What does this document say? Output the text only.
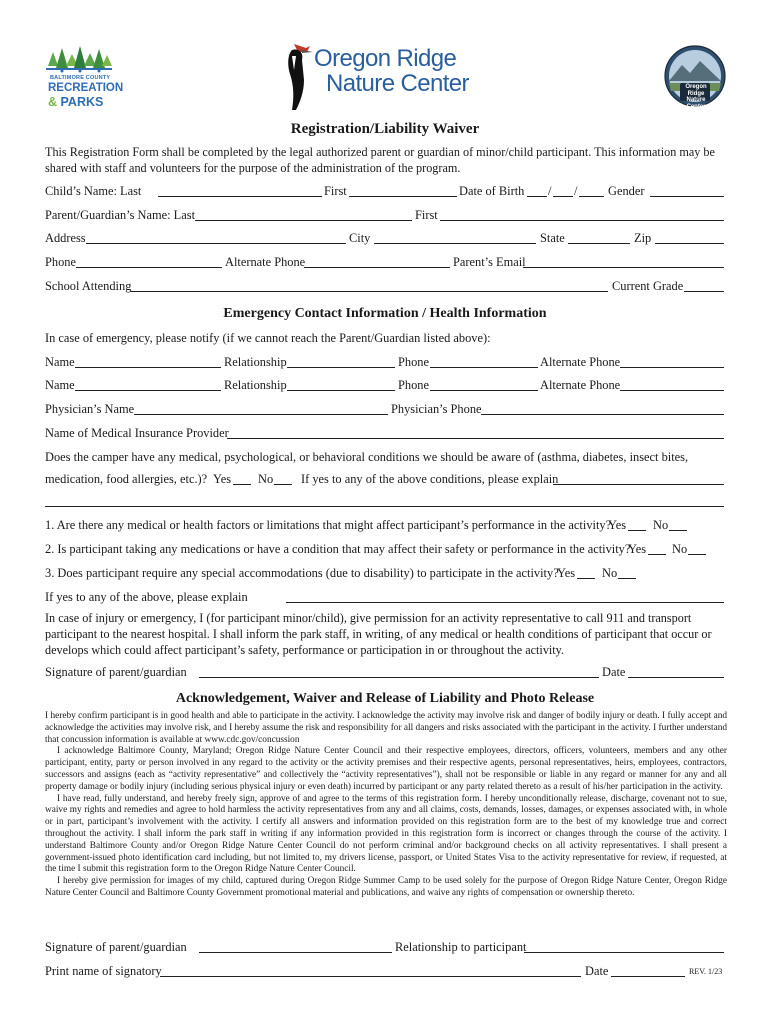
BALTIMORE COUNTY
RECREATION
& PARKS
Oregon Ridge
Nature Center	Oregon Ridge
Nature Center
Council
Registration/Liability Waiver
This Registration Form shall be completed by the legal authorized parent or guardian of minor/child participant. This information may be shared with staff and volunteers for the purpose of the administration of the program.
Child’s Name: Last	First	Date of Birth / / Gender
Parent/Guardian’s Name: Last	First
Address	City	State	Zip
Phone	Alternate Phone	Parent’s Email
School Attending	Current Grade
Emergency Contact Information / Health Information
In case of emergency, please notify (if we cannot reach the Parent/Guardian listed above):
Name	Relationship	Phone	Alternate Phone
Name	Relationship	Phone	Alternate Phone
Physician’s Name	Physician’s Phone
Name of Medical Insurance Provider
Does the camper have any medical, psychological, or behavioral conditions we should be aware of (asthma, diabetes, insect bites,
medication, food allergies, etc.)? Yes No If yes to any of the above conditions, please explain
1. Are there any medical or health factors or limitations that might affect participant’s performance in the activity?
Yes No
2. Is participant taking any medications or have a condition that may affect their safety or performance in the activity?
Yes No
3. Does participant require any special accommodations (due to disability) to participate in the activity?
Yes No
If yes to any of the above, please explain
In case of injury or emergency, I (for participant minor/child), give permission for an activity representative to call 911 and transport participant to the nearest hospital. I shall inform the park staff, in writing, of any medical or health conditions of participant that occur or develops which could affect participant’s safety, performance or participation in or throughout the activity.
Signature of parent/guardian	Date
Acknowledgement, Waiver and Release of Liability and Photo Release

I hereby confirm participant is in good health and able to participate in the activity. I acknowledge the activity may involve risk and danger of bodily injury or death. I fully accept and acknowledge the activities may involve risk, and I hereby assume the risk and responsibility for all dangers and risks associated with the participant in the activity. I further understand that concussion information is available at www.cdc.gov/concussion

I acknowledge Baltimore County, Maryland; Oregon Ridge Nature Center Council and their respective employees, directors, officers, volunteers, members and any other participant, entity, party or person involved in any regard to the activity or the activity premises and their respective agents, personal representatives, heirs, employees, contractors, successors and assigns (each as “activity representative” and collectively the “activity representatives”), shall not be responsible or liable in any regard or manner for any and all property damage or bodily injury (including serious physical injury or even death) incurred by participant or any party related thereto as a result of his/her participation in the activity.

I have read, fully understand, and hereby freely sign, approve of and agree to the terms of this registration form. I hereby unconditionally release, discharge, covenant not to sue, waive my rights and remedies and agree to hold harmless the activity representatives from any and all claims, costs, demands, losses, damages, or expenses associated with, in whole or in part, participant’s involvement with the activity. I certify all answers and information provided on this registration form are to the best of my knowledge true and correct throughout the activity. I shall inform the park staff in writing if any information provided in this registration form is incorrect or changes through the course of the activity. I understand Baltimore County and/or Oregon Ridge Nature Center Council do not perform criminal and/or background checks on all activity representatives. I shall present a government-issued photo identification card including, but not limited to, my drivers license, passport, or United States Visa to the activity representative for review, if requested, at the time I submit this registration form to the Oregon Ridge Nature Center Council.

I hereby give permission for images of my child, captured during Oregon Ridge Summer Camp to be used solely for the purpose of Oregon Ridge Nature Center, Oregon Ridge Nature Center Council and Baltimore County Government promotional material and publications, and waive any rights of compensation or ownership thereto.

Signature of parent/guardian	Relationship to participant
Print name of signatory	Date	REV. 1/23
